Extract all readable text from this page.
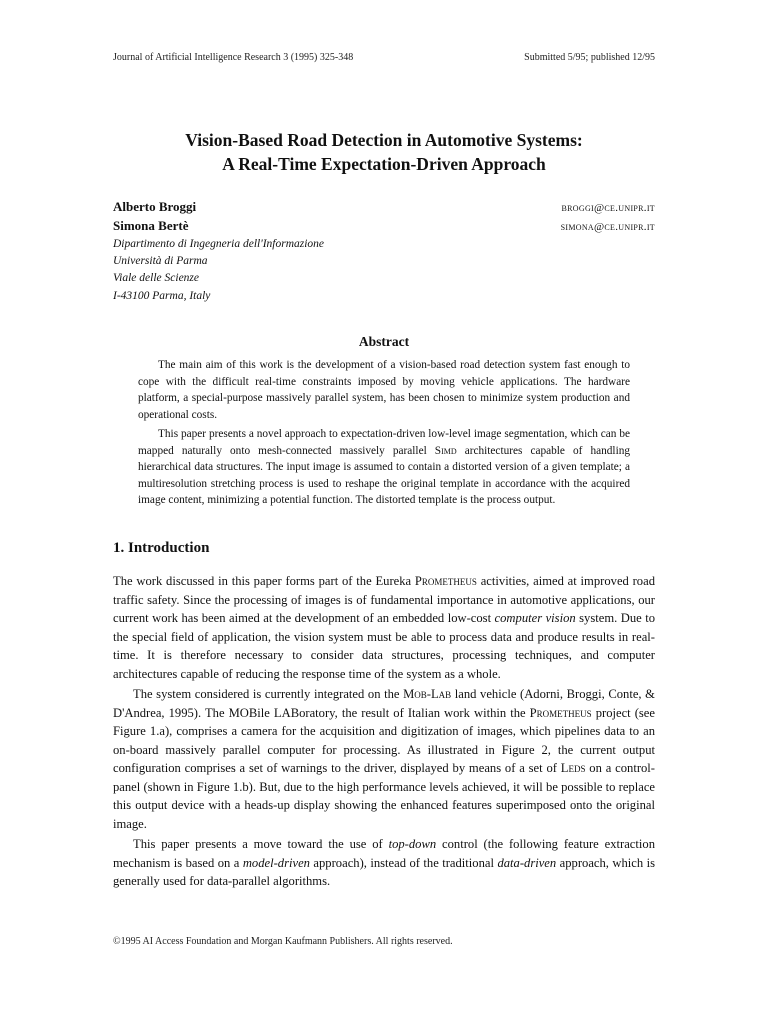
Journal of Artificial Intelligence Research 3 (1995) 325-348	Submitted 5/95; published 12/95
Vision-Based Road Detection in Automotive Systems:
A Real-Time Expectation-Driven Approach
Alberto Broggi	broggi@ce.unipr.it
Simona Bertè	simona@ce.unipr.it
Dipartimento di Ingegneria dell'Informazione
Università di Parma
Viale delle Scienze
I-43100 Parma, Italy
Abstract

The main aim of this work is the development of a vision-based road detection system fast enough to cope with the difficult real-time constraints imposed by moving vehicle applications. The hardware platform, a special-purpose massively parallel system, has been chosen to minimize system production and operational costs.

This paper presents a novel approach to expectation-driven low-level image segmentation, which can be mapped naturally onto mesh-connected massively parallel Simd architectures capable of handling hierarchical data structures. The input image is assumed to contain a distorted version of a given template; a multiresolution stretching process is used to reshape the original template in accordance with the acquired image content, minimizing a potential function. The distorted template is the process output.

1. Introduction

The work discussed in this paper forms part of the Eureka Prometheus activities, aimed at improved road traffic safety. Since the processing of images is of fundamental importance in automotive applications, our current work has been aimed at the development of an embedded low-cost computer vision system. Due to the special field of application, the vision system must be able to process data and produce results in real-time. It is therefore necessary to consider data structures, processing techniques, and computer architectures capable of reducing the response time of the system as a whole.

The system considered is currently integrated on the Mob-Lab land vehicle (Adorni, Broggi, Conte, & D'Andrea, 1995). The MOBile LABoratory, the result of Italian work within the Prometheus project (see Figure 1.a), comprises a camera for the acquisition and digitization of images, which pipelines data to an on-board massively parallel computer for processing. As illustrated in Figure 2, the current output configuration comprises a set of warnings to the driver, displayed by means of a set of Leds on a control-panel (shown in Figure 1.b). But, due to the high performance levels achieved, it will be possible to replace this output device with a heads-up display showing the enhanced features superimposed onto the original image.

This paper presents a move toward the use of top-down control (the following feature extraction mechanism is based on a model-driven approach), instead of the traditional data-driven approach, which is generally used for data-parallel algorithms.

©1995 AI Access Foundation and Morgan Kaufmann Publishers. All rights reserved.
